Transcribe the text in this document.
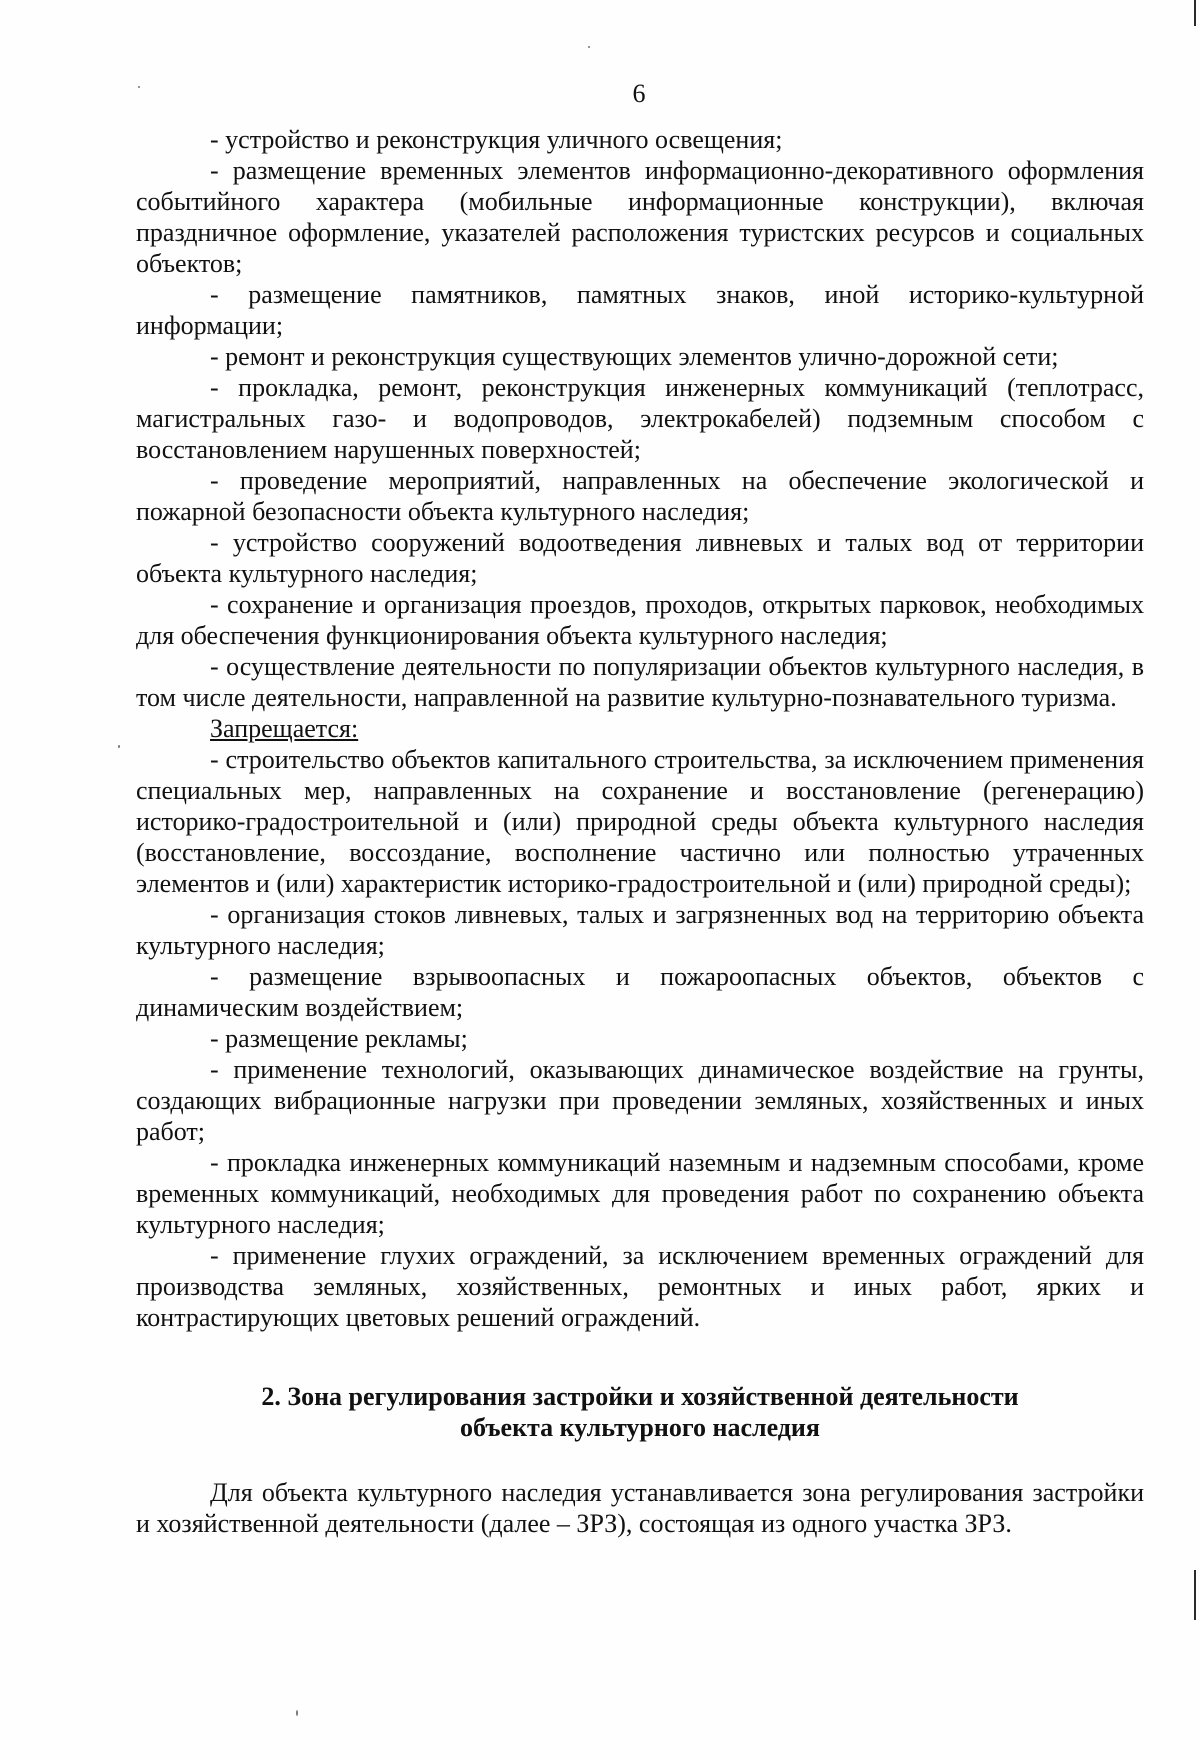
6

- устройство и реконструкция уличного освещения;

- размещение временных элементов информационно-декоративного оформления событийного характера (мобильные информационные конструкции), включая праздничное оформление, указателей расположения туристских ресурсов и социальных объектов;

- размещение памятников, памятных знаков, иной историко-культурной информации;

- ремонт и реконструкция существующих элементов улично-дорожной сети;

- прокладка, ремонт, реконструкция инженерных коммуникаций (теплотрасс, магистральных газо- и водопроводов, электрокабелей) подземным способом с восстановлением нарушенных поверхностей;

- проведение мероприятий, направленных на обеспечение экологической и пожарной безопасности объекта культурного наследия;

- устройство сооружений водоотведения ливневых и талых вод от территории объекта культурного наследия;

- сохранение и организация проездов, проходов, открытых парковок, необходимых для обеспечения функционирования объекта культурного наследия;

- осуществление деятельности по популяризации объектов культурного наследия, в том числе деятельности, направленной на развитие культурно-познавательного туризма.

Запрещается:

- строительство объектов капитального строительства, за исключением применения специальных мер, направленных на сохранение и восстановление (регенерацию) историко-градостроительной и (или) природной среды объекта культурного наследия (восстановление, воссоздание, восполнение частично или полностью утраченных элементов и (или) характеристик историко-градостроительной и (или) природной среды);

- организация стоков ливневых, талых и загрязненных вод на территорию объекта культурного наследия;

- размещение взрывоопасных и пожароопасных объектов, объектов с динамическим воздействием;

- размещение рекламы;

- применение технологий, оказывающих динамическое воздействие на грунты, создающих вибрационные нагрузки при проведении земляных, хозяйственных и иных работ;

- прокладка инженерных коммуникаций наземным и надземным способами, кроме временных коммуникаций, необходимых для проведения работ по сохранению объекта культурного наследия;

- применение глухих ограждений, за исключением временных ограждений для производства земляных, хозяйственных, ремонтных и иных работ, ярких и контрастирующих цветовых решений ограждений.

2. Зона регулирования застройки и хозяйственной деятельности
объекта культурного наследия

Для объекта культурного наследия устанавливается зона регулирования застройки и хозяйственной деятельности (далее – ЗРЗ), состоящая из одного участка ЗРЗ.
